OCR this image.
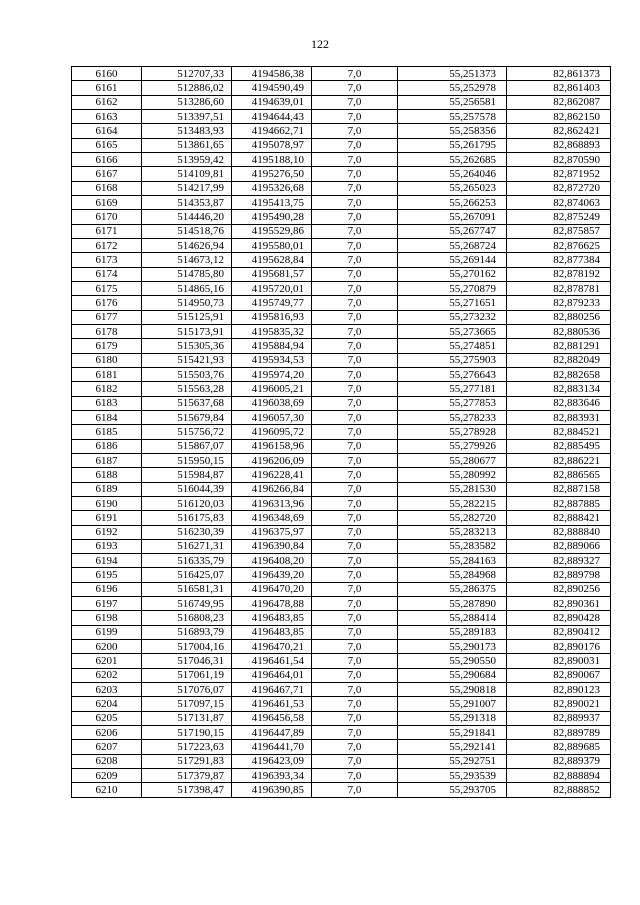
122
6160	512707,33	4194586,38	7,0	55,251373	82,861373
6161	512886,02	4194590,49	7,0	55,252978	82,861403
6162	513286,60	4194639,01	7,0	55,256581	82,862087
6163	513397,51	4194644,43	7,0	55,257578	82,862150
6164	513483,93	4194662,71	7,0	55,258356	82,862421
6165	513861,65	4195078,97	7,0	55,261795	82,868893
6166	513959,42	4195188,10	7,0	55,262685	82,870590
6167	514109,81	4195276,50	7,0	55,264046	82,871952
6168	514217,99	4195326,68	7,0	55,265023	82,872720
6169	514353,87	4195413,75	7,0	55,266253	82,874063
6170	514446,20	4195490,28	7,0	55,267091	82,875249
6171	514518,76	4195529,86	7,0	55,267747	82,875857
6172	514626,94	4195580,01	7,0	55,268724	82,876625
6173	514673,12	4195628,84	7,0	55,269144	82,877384
6174	514785,80	4195681,57	7,0	55,270162	82,878192
6175	514865,16	4195720,01	7,0	55,270879	82,878781
6176	514950,73	4195749,77	7,0	55,271651	82,879233
6177	515125,91	4195816,93	7,0	55,273232	82,880256
6178	515173,91	4195835,32	7,0	55,273665	82,880536
6179	515305,36	4195884,94	7,0	55,274851	82,881291
6180	515421,93	4195934,53	7,0	55,275903	82,882049
6181	515503,76	4195974,20	7,0	55,276643	82,882658
6182	515563,28	4196005,21	7,0	55,277181	82,883134
6183	515637,68	4196038,69	7,0	55,277853	82,883646
6184	515679,84	4196057,30	7,0	55,278233	82,883931
6185	515756,72	4196095,72	7,0	55,278928	82,884521
6186	515867,07	4196158,96	7,0	55,279926	82,885495
6187	515950,15	4196206,09	7,0	55,280677	82,886221
6188	515984,87	4196228,41	7,0	55,280992	82,886565
6189	516044,39	4196266,84	7,0	55,281530	82,887158
6190	516120,03	4196313,96	7,0	55,282215	82,887885
6191	516175,83	4196348,69	7,0	55,282720	82,888421
6192	516230,39	4196375,97	7,0	55,283213	82,888840
6193	516271,31	4196390,84	7,0	55,283582	82,889066
6194	516335,79	4196408,20	7,0	55,284163	82,889327
6195	516425,07	4196439,20	7,0	55,284968	82,889798
6196	516581,31	4196470,20	7,0	55,286375	82,890256
6197	516749,95	4196478,88	7,0	55,287890	82,890361
6198	516808,23	4196483,85	7,0	55,288414	82,890428
6199	516893,79	4196483,85	7,0	55,289183	82,890412
6200	517004,16	4196470,21	7,0	55,290173	82,890176
6201	517046,31	4196461,54	7,0	55,290550	82,890031
6202	517061,19	4196464,01	7,0	55,290684	82,890067
6203	517076,07	4196467,71	7,0	55,290818	82,890123
6204	517097,15	4196461,53	7,0	55,291007	82,890021
6205	517131,87	4196456,58	7,0	55,291318	82,889937
6206	517190,15	4196447,89	7,0	55,291841	82,889789
6207	517223,63	4196441,70	7,0	55,292141	82,889685
6208	517291,83	4196423,09	7,0	55,292751	82,889379
6209	517379,87	4196393,34	7,0	55,293539	82,888894
6210	517398,47	4196390,85	7,0	55,293705	82,888852
